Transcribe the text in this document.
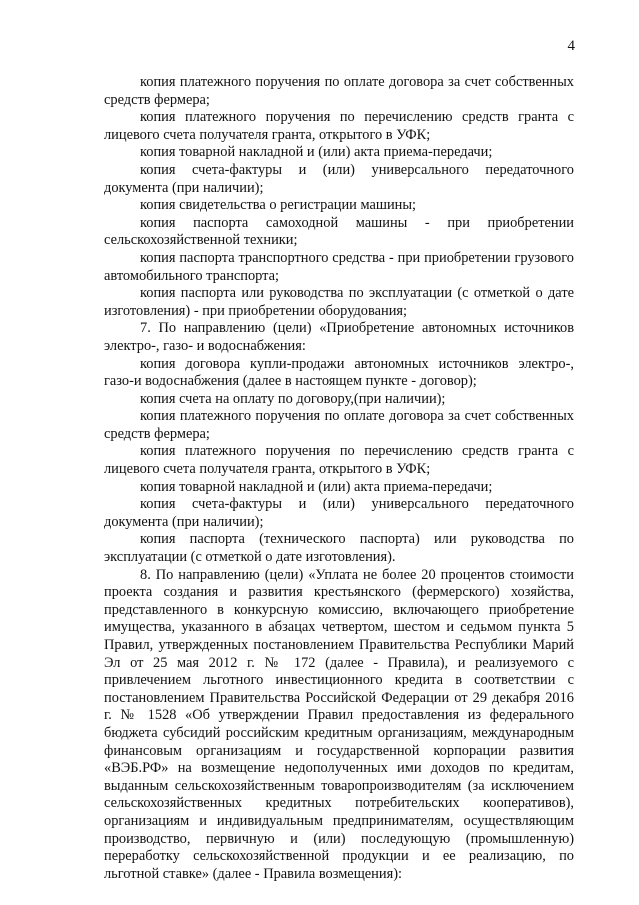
4

копия платежного поручения по оплате договора за счет собственных средств фермера;

копия платежного поручения по перечислению средств гранта с лицевого счета получателя гранта, открытого в УФК;

копия товарной накладной и (или) акта приема-передачи;

копия счета-фактуры и (или) универсального передаточного документа (при наличии);

копия свидетельства о регистрации машины;

копия паспорта самоходной машины - при приобретении сельскохозяйственной техники;

копия паспорта транспортного средства - при приобретении грузового автомобильного транспорта;

копия паспорта или руководства по эксплуатации (с отметкой о дате изготовления) - при приобретении оборудования;

7. По направлению (цели) «Приобретение автономных источников электро-, газо- и водоснабжения:

копия договора купли-продажи автономных источников электро-, газо-и водоснабжения (далее в настоящем пункте - договор);

копия счета на оплату по договору,(при наличии);

копия платежного поручения по оплате договора за счет собственных средств фермера;

копия платежного поручения по перечислению средств гранта с лицевого счета получателя гранта, открытого в УФК;

копия товарной накладной и (или) акта приема-передачи;

копия счета-фактуры и (или) универсального передаточного документа (при наличии);

копия паспорта (технического паспорта) или руководства по эксплуатации (с отметкой о дате изготовления).

8. По направлению (цели) «Уплата не более 20 процентов стоимости проекта создания и развития крестьянского (фермерского) хозяйства, представленного в конкурсную комиссию, включающего приобретение имущества, указанного в абзацах четвертом, шестом и седьмом пункта 5 Правил, утвержденных постановлением Правительства Республики Марий Эл от 25 мая 2012 г. № 172 (далее - Правила), и реализуемого с привлечением льготного инвестиционного кредита в соответствии с постановлением Правительства Российской Федерации от 29 декабря 2016 г. № 1528 «Об утверждении Правил предоставления из федерального бюджета субсидий российским кредитным организациям, международным финансовым организациям и государственной корпорации развития «ВЭБ.РФ» на возмещение недополученных ими доходов по кредитам, выданным сельскохозяйственным товаропроизводителям (за исключением сельскохозяйственных кредитных потребительских кооперативов), организациям и индивидуальным предпринимателям, осуществляющим производство, первичную и (или) последующую (промышленную) переработку сельскохозяйственной продукции и ее реализацию, по льготной ставке» (далее - Правила возмещения):
